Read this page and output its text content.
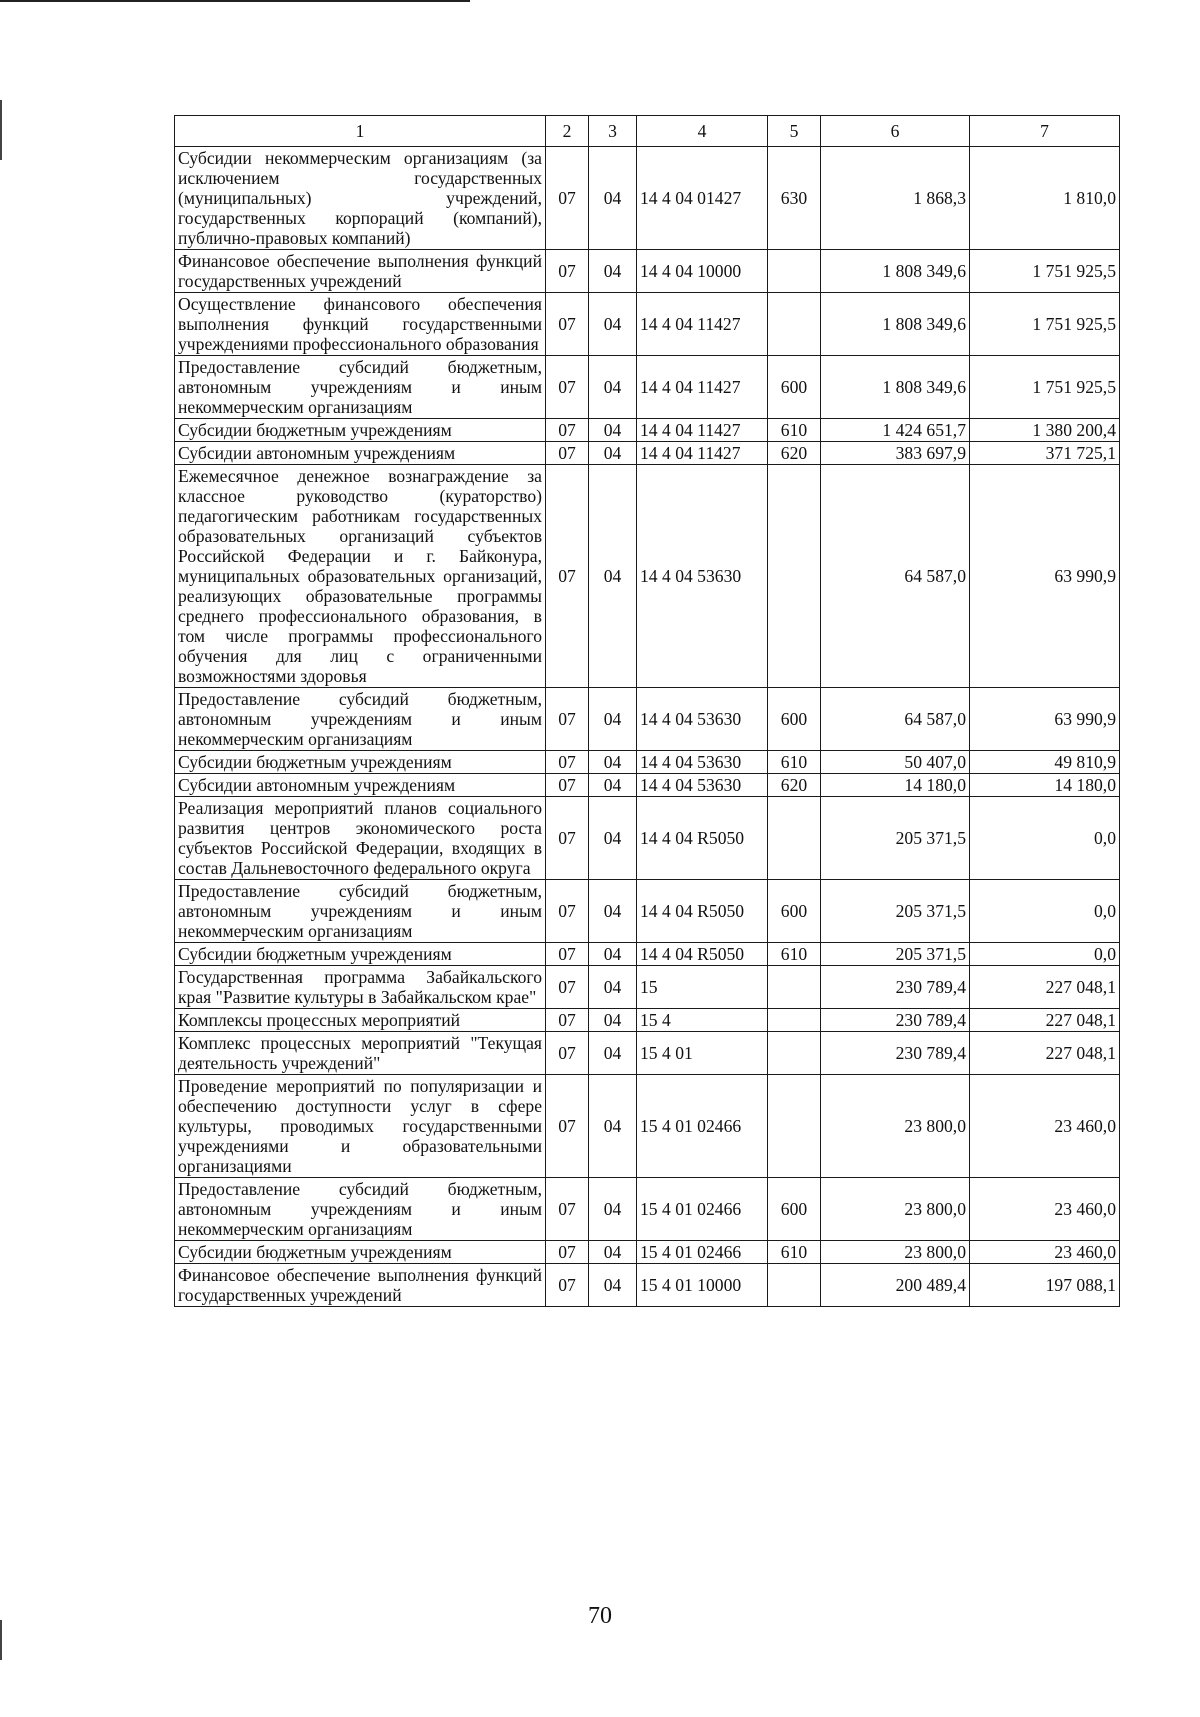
1	2	3	4	5	6	7
Субсидии некоммерческим организациям (за исключением государственных (муниципальных) учреждений, государственных корпораций (компаний), публично-правовых компаний)	07	04	14 4 04 01427	630	1 868,3	1 810,0
Финансовое обеспечение выполнения функций государственных учреждений	07	04	14 4 04 10000		1 808 349,6	1 751 925,5
Осуществление финансового обеспечения выполнения функций государственными учреждениями профессионального образования	07	04	14 4 04 11427		1 808 349,6	1 751 925,5
Предоставление субсидий бюджетным, автономным учреждениям и иным некоммерческим организациям	07	04	14 4 04 11427	600	1 808 349,6	1 751 925,5
Субсидии бюджетным учреждениям	07	04	14 4 04 11427	610	1 424 651,7	1 380 200,4
Субсидии автономным учреждениям	07	04	14 4 04 11427	620	383 697,9	371 725,1
Ежемесячное денежное вознаграждение за классное руководство (кураторство) педагогическим работникам государственных образовательных организаций субъектов Российской Федерации и г. Байконура, муниципальных образовательных организаций, реализующих образовательные программы среднего профессионального образования, в том числе программы профессионального обучения для лиц с ограниченными возможностями здоровья	07	04	14 4 04 53630		64 587,0	63 990,9
Предоставление субсидий бюджетным, автономным учреждениям и иным некоммерческим организациям	07	04	14 4 04 53630	600	64 587,0	63 990,9
Субсидии бюджетным учреждениям	07	04	14 4 04 53630	610	50 407,0	49 810,9
Субсидии автономным учреждениям	07	04	14 4 04 53630	620	14 180,0	14 180,0
Реализация мероприятий планов социального развития центров экономического роста субъектов Российской Федерации, входящих в состав Дальневосточного федерального округа	07	04	14 4 04 R5050		205 371,5	0,0
Предоставление субсидий бюджетным, автономным учреждениям и иным некоммерческим организациям	07	04	14 4 04 R5050	600	205 371,5	0,0
Субсидии бюджетным учреждениям	07	04	14 4 04 R5050	610	205 371,5	0,0
Государственная программа Забайкальского края "Развитие культуры в Забайкальском крае"	07	04	15		230 789,4	227 048,1
Комплексы процессных мероприятий	07	04	15 4		230 789,4	227 048,1
Комплекс процессных мероприятий "Текущая деятельность учреждений"	07	04	15 4 01		230 789,4	227 048,1
Проведение мероприятий по популяризации и обеспечению доступности услуг в сфере культуры, проводимых государственными учреждениями и образовательными организациями	07	04	15 4 01 02466		23 800,0	23 460,0
Предоставление субсидий бюджетным, автономным учреждениям и иным некоммерческим организациям	07	04	15 4 01 02466	600	23 800,0	23 460,0
Субсидии бюджетным учреждениям	07	04	15 4 01 02466	610	23 800,0	23 460,0
Финансовое обеспечение выполнения функций государственных учреждений	07	04	15 4 01 10000		200 489,4	197 088,1
70
